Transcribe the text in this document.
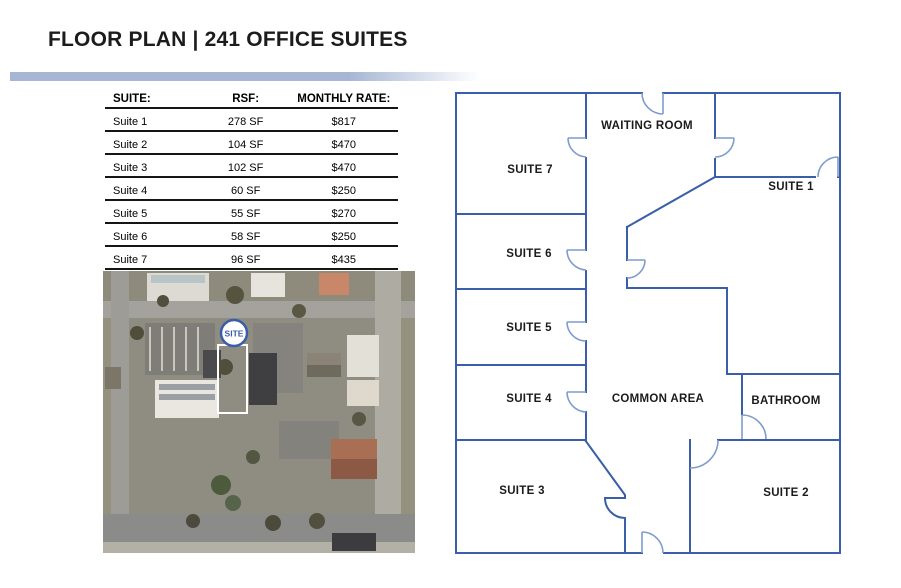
FLOOR PLAN | 241 OFFICE SUITES
SUITE:	RSF:	MONTHLY RATE:
Suite 1	278 SF	$817
Suite 2	104 SF	$470
Suite 3	102 SF	$470
Suite 4	60 SF	$250
Suite 5	55 SF	$270
Suite 6	58 SF	$250
Suite 7	96 SF	$435
SITE
WAITING ROOM
SUITE 7
SUITE 1
SUITE 6
SUITE 5
SUITE 4	COMMON AREA	BATHROOM
SUITE 3	SUITE 2
